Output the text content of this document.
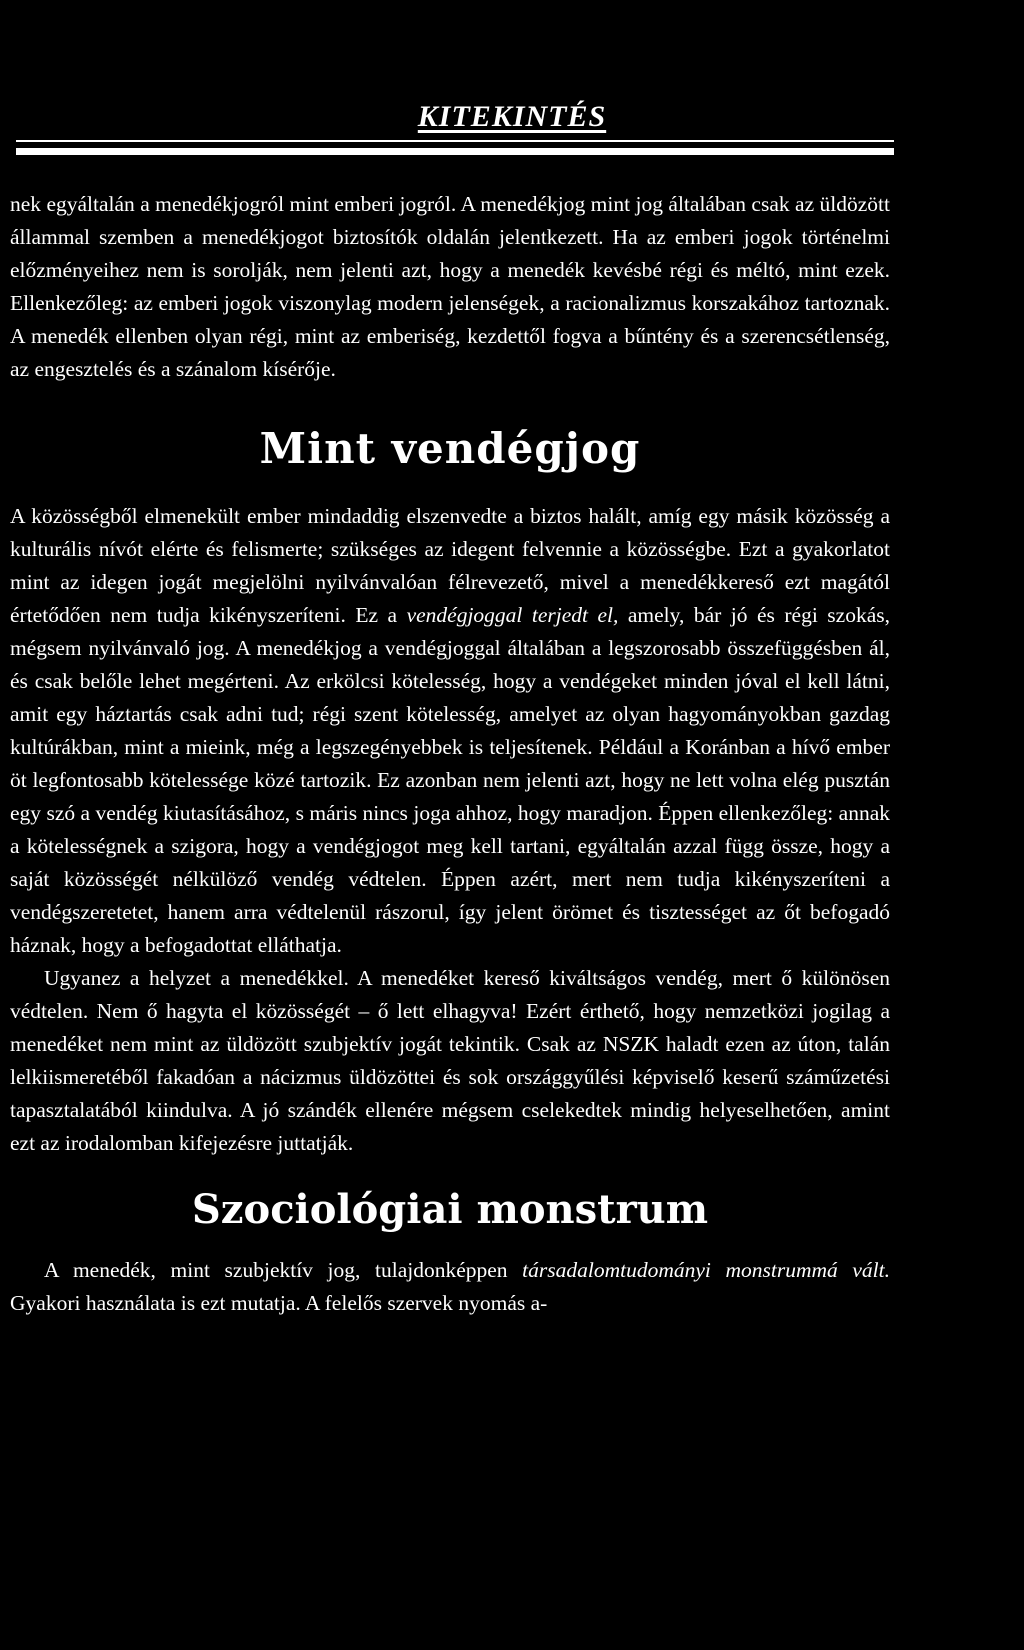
KITEKINTÉS

nek egyáltalán a menedékjogról mint emberi jogról. A menedékjog mint jog általában csak az üldözött állammal szemben a menedékjogot biztosítók oldalán jelentkezett. Ha az emberi jogok történelmi előzményeihez nem is sorolják, nem jelenti azt, hogy a menedék kevésbé régi és méltó, mint ezek. Ellenkezőleg: az emberi jogok viszonylag modern jelenségek, a racionalizmus korszakához tartoznak. A menedék ellenben olyan régi, mint az emberiség, kezdettől fogva a bűntény és a szerencsétlenség, az engesztelés és a szánalom kísérője.

Mint vendégjog

A közösségből elmenekült ember mindaddig elszenvedte a biztos halált, amíg egy másik közösség a kulturális nívót elérte és felismerte; szükséges az idegent felvennie a közösségbe. Ezt a gyakorlatot mint az idegen jogát megjelölni nyilvánvalóan félrevezető, mivel a menedékkereső ezt magától értetődően nem tudja kikényszeríteni. Ez a vendégjoggal terjedt el, amely, bár jó és régi szokás, mégsem nyilvánvaló jog. A menedékjog a vendégjoggal általában a legszorosabb összefüggésben ál, és csak belőle lehet megérteni. Az erkölcsi kötelesség, hogy a vendégeket minden jóval el kell látni, amit egy háztartás csak adni tud; régi szent kötelesség, amelyet az olyan hagyományokban gazdag kultúrákban, mint a mieink, még a legszegényebbek is teljesítenek. Például a Koránban a hívő ember öt legfontosabb kötelessége közé tartozik. Ez azonban nem jelenti azt, hogy ne lett volna elég pusztán egy szó a vendég kiutasításához, s máris nincs joga ahhoz, hogy maradjon. Éppen ellenkezőleg: annak a kötelességnek a szigora, hogy a vendégjogot meg kell tartani, egyáltalán azzal függ össze, hogy a saját közösségét nélkülöző vendég védtelen. Éppen azért, mert nem tudja kikényszeríteni a vendégszeretetet, hanem arra védtelenül rászorul, így jelent örömet és tisztességet az őt befogadó háznak, hogy a befogadottat elláthatja.

Ugyanez a helyzet a menedékkel. A menedéket kereső kiváltságos vendég, mert ő különösen védtelen. Nem ő hagyta el közösségét – ő lett elhagyva! Ezért érthető, hogy nemzetközi jogilag a menedéket nem mint az üldözött szubjektív jogát tekintik. Csak az NSZK haladt ezen az úton, talán lelkiismeretéből fakadóan a nácizmus üldözöttei és sok országgyűlési képviselő keserű száműzetési tapasztalatából kiindulva. A jó szándék ellenére mégsem cselekedtek mindig helyeselhetően, amint ezt az irodalomban kifejezésre juttatják.

Szociológiai monstrum

A menedék, mint szubjektív jog, tulajdonképpen társadalomtudományi monstrummá vált. Gyakori használata is ezt mutatja. A felelős szervek nyomás a-
